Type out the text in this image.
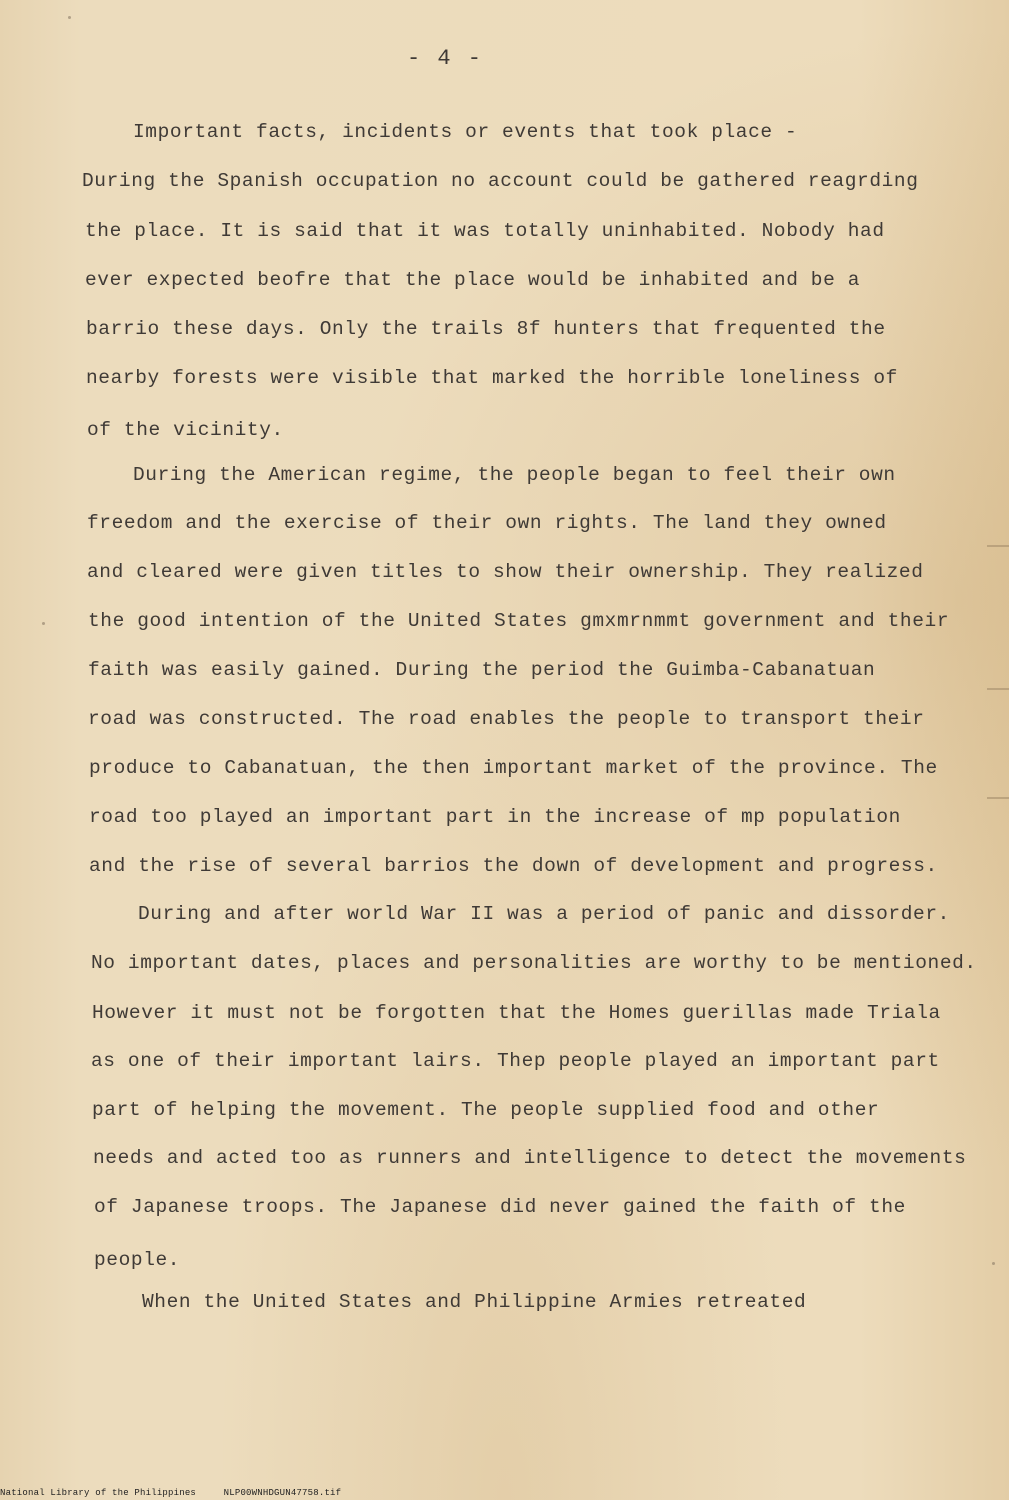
- 4 -
Important facts, incidents or events that took place -
During the Spanish occupation no account could be gathered reagrding
the place. It is said that it was totally uninhabited. Nobody had
ever expected beofre that the place would be inhabited and be a
barrio these days. Only the trails 8f hunters that frequented the
nearby forests were visible that marked the horrible loneliness of
of the vicinity.
During the American regime, the people began to feel their own
freedom and the exercise of their own rights. The land they owned
and cleared were given titles to show their ownership. They realized
the good intention of the United States gmxmrnmmt government and their
faith was easily gained. During the period the Guimba-Cabanatuan
road was constructed. The road enables the people to transport their
produce to Cabanatuan, the then important market of the province. The
road too played an important part in the increase of mp population
and the rise of several barrios the down of development and progress.
During and after world War II was a period of panic and dissorder.
No important dates, places and personalities are worthy to be mentioned.
However it must not be forgotten that the Homes guerillas made Triala
as one of their important lairs. Thep people played an important part
part of helping the movement. The people supplied food and other
needs and acted too as runners and intelligence to detect the movements
of Japanese troops. The Japanese did never gained the faith of the
people.
When the United States and Philippine Armies retreated
National Library of the Philippines	NLP00WNHDGUN47758.tif
